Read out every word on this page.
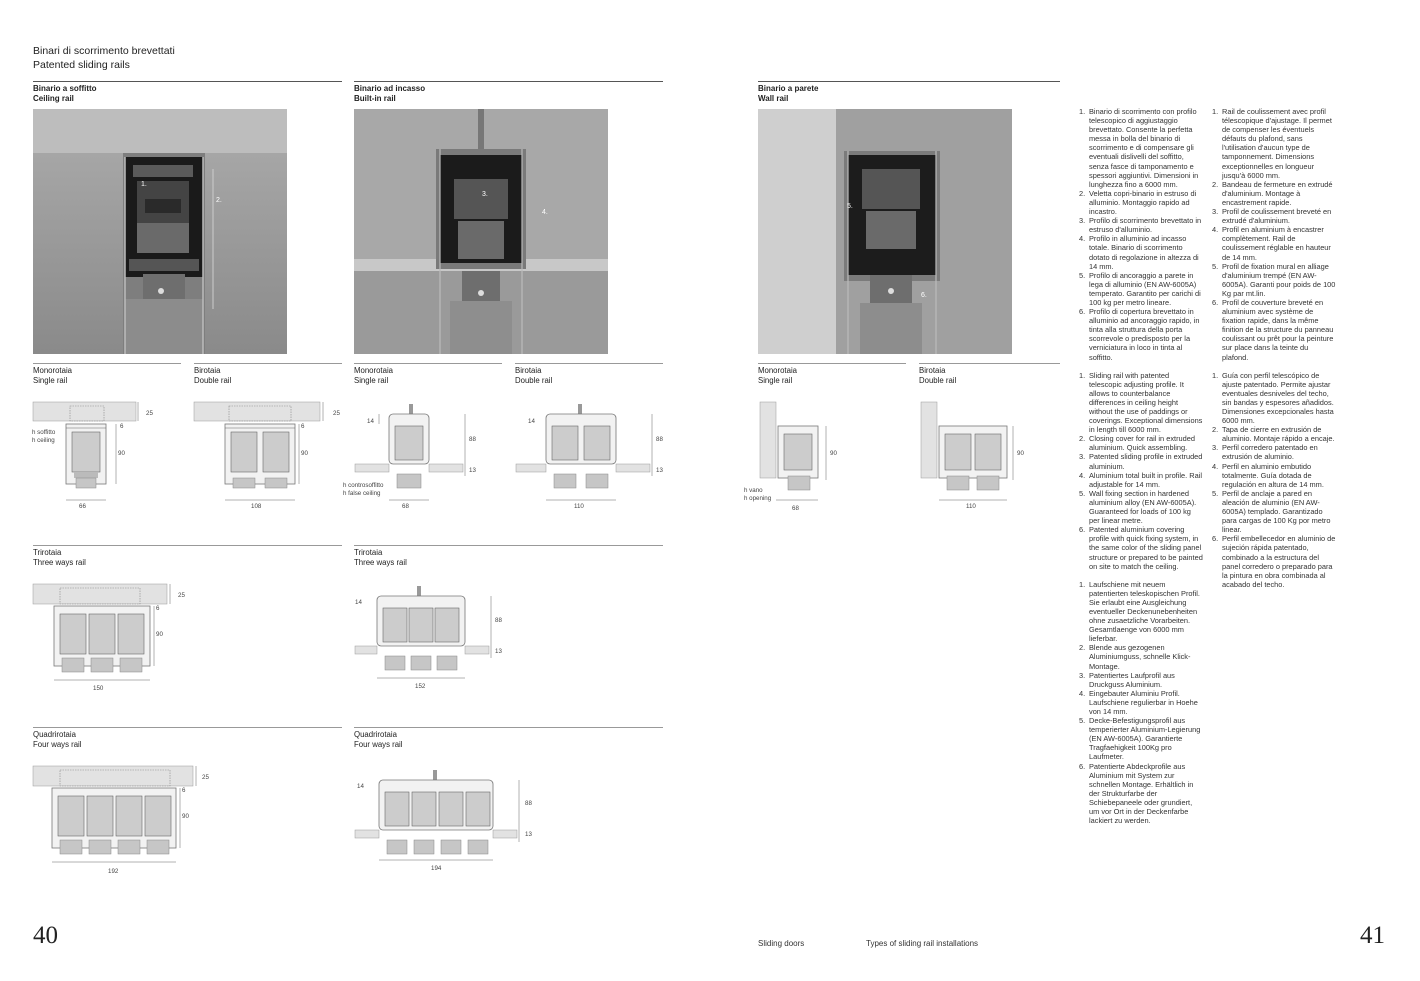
Binari di scorrimento brevettati
Patented sliding rails
Binario a soffitto
Ceiling rail
Binario ad incasso
Built-in rail
Binario a parete
Wall rail
1.
2.
3.
4.
5.
6.
Monorotaia
Single rail
Birotaia
Double rail
Monorotaia
Single rail
Birotaia
Double rail
Monorotaia
Single rail
Birotaia
Double rail
25
6
90
66
h soffitto
h ceiling
25
6
90
108
88
13
14
68
h controsoffitto
h false ceiling
88
13
14
110
90
68
h vano
h opening
90
110
Trirotaia
Three ways rail
Trirotaia
Three ways rail
25
6
90
150
88
13
14
152
Quadrirotaia
Four ways rail
Quadrirotaia
Four ways rail
25
6
90
192
88
13
14
194
1. Binario di scorrimento con profilo telescopico di aggiustaggio brevettato. Consente la perfetta messa in bolla del binario di scorrimento e di compensare gli eventuali dislivelli del soffitto, senza fasce di tamponamento e spessori aggiuntivi. Dimensioni in lunghezza fino a 6000 mm.
2. Veletta copri-binario in estruso di alluminio. Montaggio rapido ad incastro.
3. Profilo di scorrimento brevettato in estruso d'alluminio.
4. Profilo in alluminio ad incasso totale. Binario di scorrimento dotato di regolazione in altezza di 14 mm.
5. Profilo di ancoraggio a parete in lega di alluminio (EN AW-6005A) temperato. Garantito per carichi di 100 kg per metro lineare.
6. Profilo di copertura brevettato in alluminio ad ancoraggio rapido, in tinta alla struttura della porta scorrevole o predisposto per la verniciatura in loco in tinta al soffitto.
1. Sliding rail with patented telescopic adjusting profile. It allows to counterbalance differences in ceiling height without the use of paddings or coverings. Exceptional dimensions in length till 6000 mm.
2. Closing cover for rail in extruded aluminium. Quick assembling.
3. Patented sliding profile in extruded aluminium.
4. Aluminium total built in profile. Rail adjustable for 14 mm.
5. Wall fixing section in hardened aluminium alloy (EN AW-6005A). Guaranteed for loads of 100 kg per linear metre.
6. Patented aluminium covering profile with quick fixing system, in the same color of the sliding panel structure or prepared to be painted on site to match the ceiling.
1. Laufschiene mit neuem patentierten teleskopischen Profil. Sie erlaubt eine Ausgleichung eventueller Deckenunebenheiten ohne zusaetzliche Vorarbeiten. Gesamtlaenge von 6000 mm lieferbar.
2. Blende aus gezogenen Aluminiumguss, schnelle Klick-Montage.
3. Patentiertes Laufprofil aus Druckguss Aluminium.
4. Eingebauter Aluminiu Profil. Laufschiene regulierbar in Hoehe von 14 mm.
5. Decke-Befestigungsprofil aus temperierter Aluminium-Legierung (EN AW-6005A). Garantierte Tragfaehigkeit 100Kg pro Laufmeter.
6. Patentierte Abdeckprofile aus Aluminium mit System zur schnellen Montage. Erhältlich in der Strukturfarbe der Schiebepaneele oder grundiert, um vor Ort in der Deckenfarbe lackiert zu werden.
1. Rail de coulissement avec profil télescopique d'ajustage. Il permet de compenser les éventuels défauts du plafond, sans l'utilisation d'aucun type de tamponnement. Dimensions exceptionnelles en longueur jusqu'à 6000 mm.
2. Bandeau de fermeture en extrudé d'aluminium. Montage à encastrement rapide.
3. Profil de coulissement breveté en extrudé d'aluminium.
4. Profil en aluminium à encastrer complètement. Rail de coulissement réglable en hauteur de 14 mm.
5. Profil de fixation mural en alliage d'aluminium trempé (EN AW-6005A). Garanti pour poids de 100 Kg par mt.lin.
6. Profil de couverture breveté en aluminium avec système de fixation rapide, dans la même finition de la structure du panneau coulissant ou prêt pour la peinture sur place dans la teinte du plafond.
1. Guía con perfil telescópico de ajuste patentado. Permite ajustar eventuales desniveles del techo, sin bandas y espesores añadidos. Dimensiones excepcionales hasta 6000 mm.
2. Tapa de cierre en extrusión de aluminio. Montaje rápido a encaje.
3. Perfil corredero patentado en extrusión de aluminio.
4. Perfil en aluminio embutido totalmente. Guía dotada de regulación en altura de 14 mm.
5. Perfil de anclaje a pared en aleación de aluminio (EN AW-6005A) templado. Garantizado para cargas de 100 Kg por metro linear.
6. Perfil embellecedor en aluminio de sujeción rápida patentado, combinado a la estructura del panel corredero o preparado para la pintura en obra combinada al acabado del techo.
40	41
Sliding doors	Types of sliding rail installations
